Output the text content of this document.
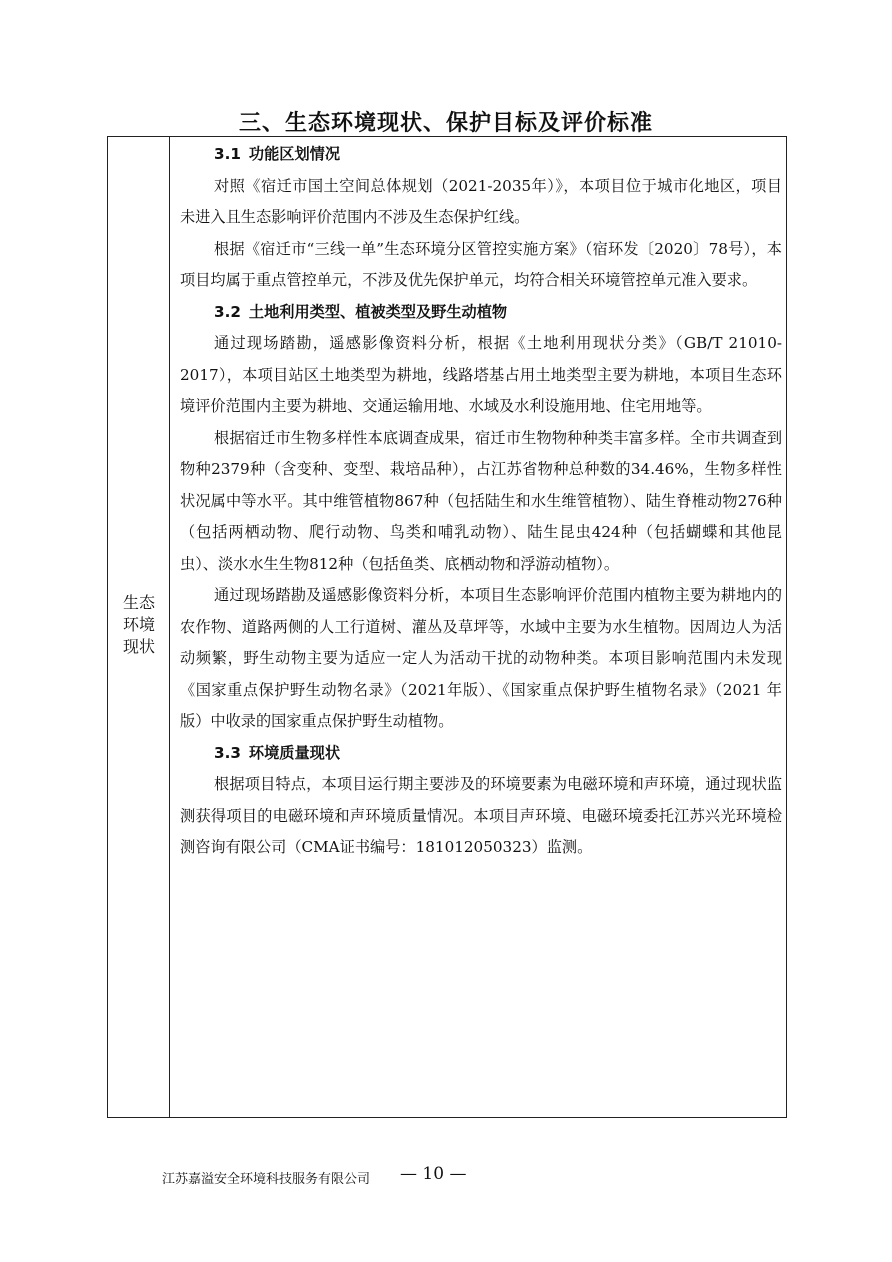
三、生态环境现状、保护目标及评价标准
生态环境现状
3.1 功能区划情况

对照《宿迁市国土空间总体规划（2021-2035年）》，本项目位于城市化地区，项目未进入且生态影响评价范围内不涉及生态保护红线。

根据《宿迁市“三线一单”生态环境分区管控实施方案》（宿环发〔2020〕78号），本项目均属于重点管控单元，不涉及优先保护单元，均符合相关环境管控单元准入要求。

3.2 土地利用类型、植被类型及野生动植物

通过现场踏勘，遥感影像资料分析，根据《土地利用现状分类》（GB/T 21010-2017），本项目站区土地类型为耕地，线路塔基占用土地类型主要为耕地，本项目生态环境评价范围内主要为耕地、交通运输用地、水域及水利设施用地、住宅用地等。

根据宿迁市生物多样性本底调查成果，宿迁市生物物种种类丰富多样。全市共调查到物种2379种（含变种、变型、栽培品种），占江苏省物种总种数的34.46%，生物多样性状况属中等水平。其中维管植物867种（包括陆生和水生维管植物）、陆生脊椎动物276种（包括两栖动物、爬行动物、鸟类和哺乳动物）、陆生昆虫424种（包括蝴蝶和其他昆虫）、淡水水生生物812种（包括鱼类、底栖动物和浮游动植物）。

通过现场踏勘及遥感影像资料分析，本项目生态影响评价范围内植物主要为耕地内的农作物、道路两侧的人工行道树、灌丛及草坪等，水域中主要为水生植物。因周边人为活动频繁，野生动物主要为适应一定人为活动干扰的动物种类。本项目影响范围内未发现《国家重点保护野生动物名录》（2021年版）、《国家重点保护野生植物名录》（2021 年版）中收录的国家重点保护野生动植物。

3.3 环境质量现状

根据项目特点，本项目运行期主要涉及的环境要素为电磁环境和声环境，通过现状监测获得项目的电磁环境和声环境质量情况。本项目声环境、电磁环境委托江苏兴光环境检测咨询有限公司（CMA证书编号：181012050323）监测。

江苏嘉溢安全环境科技服务有限公司 — 10 —
